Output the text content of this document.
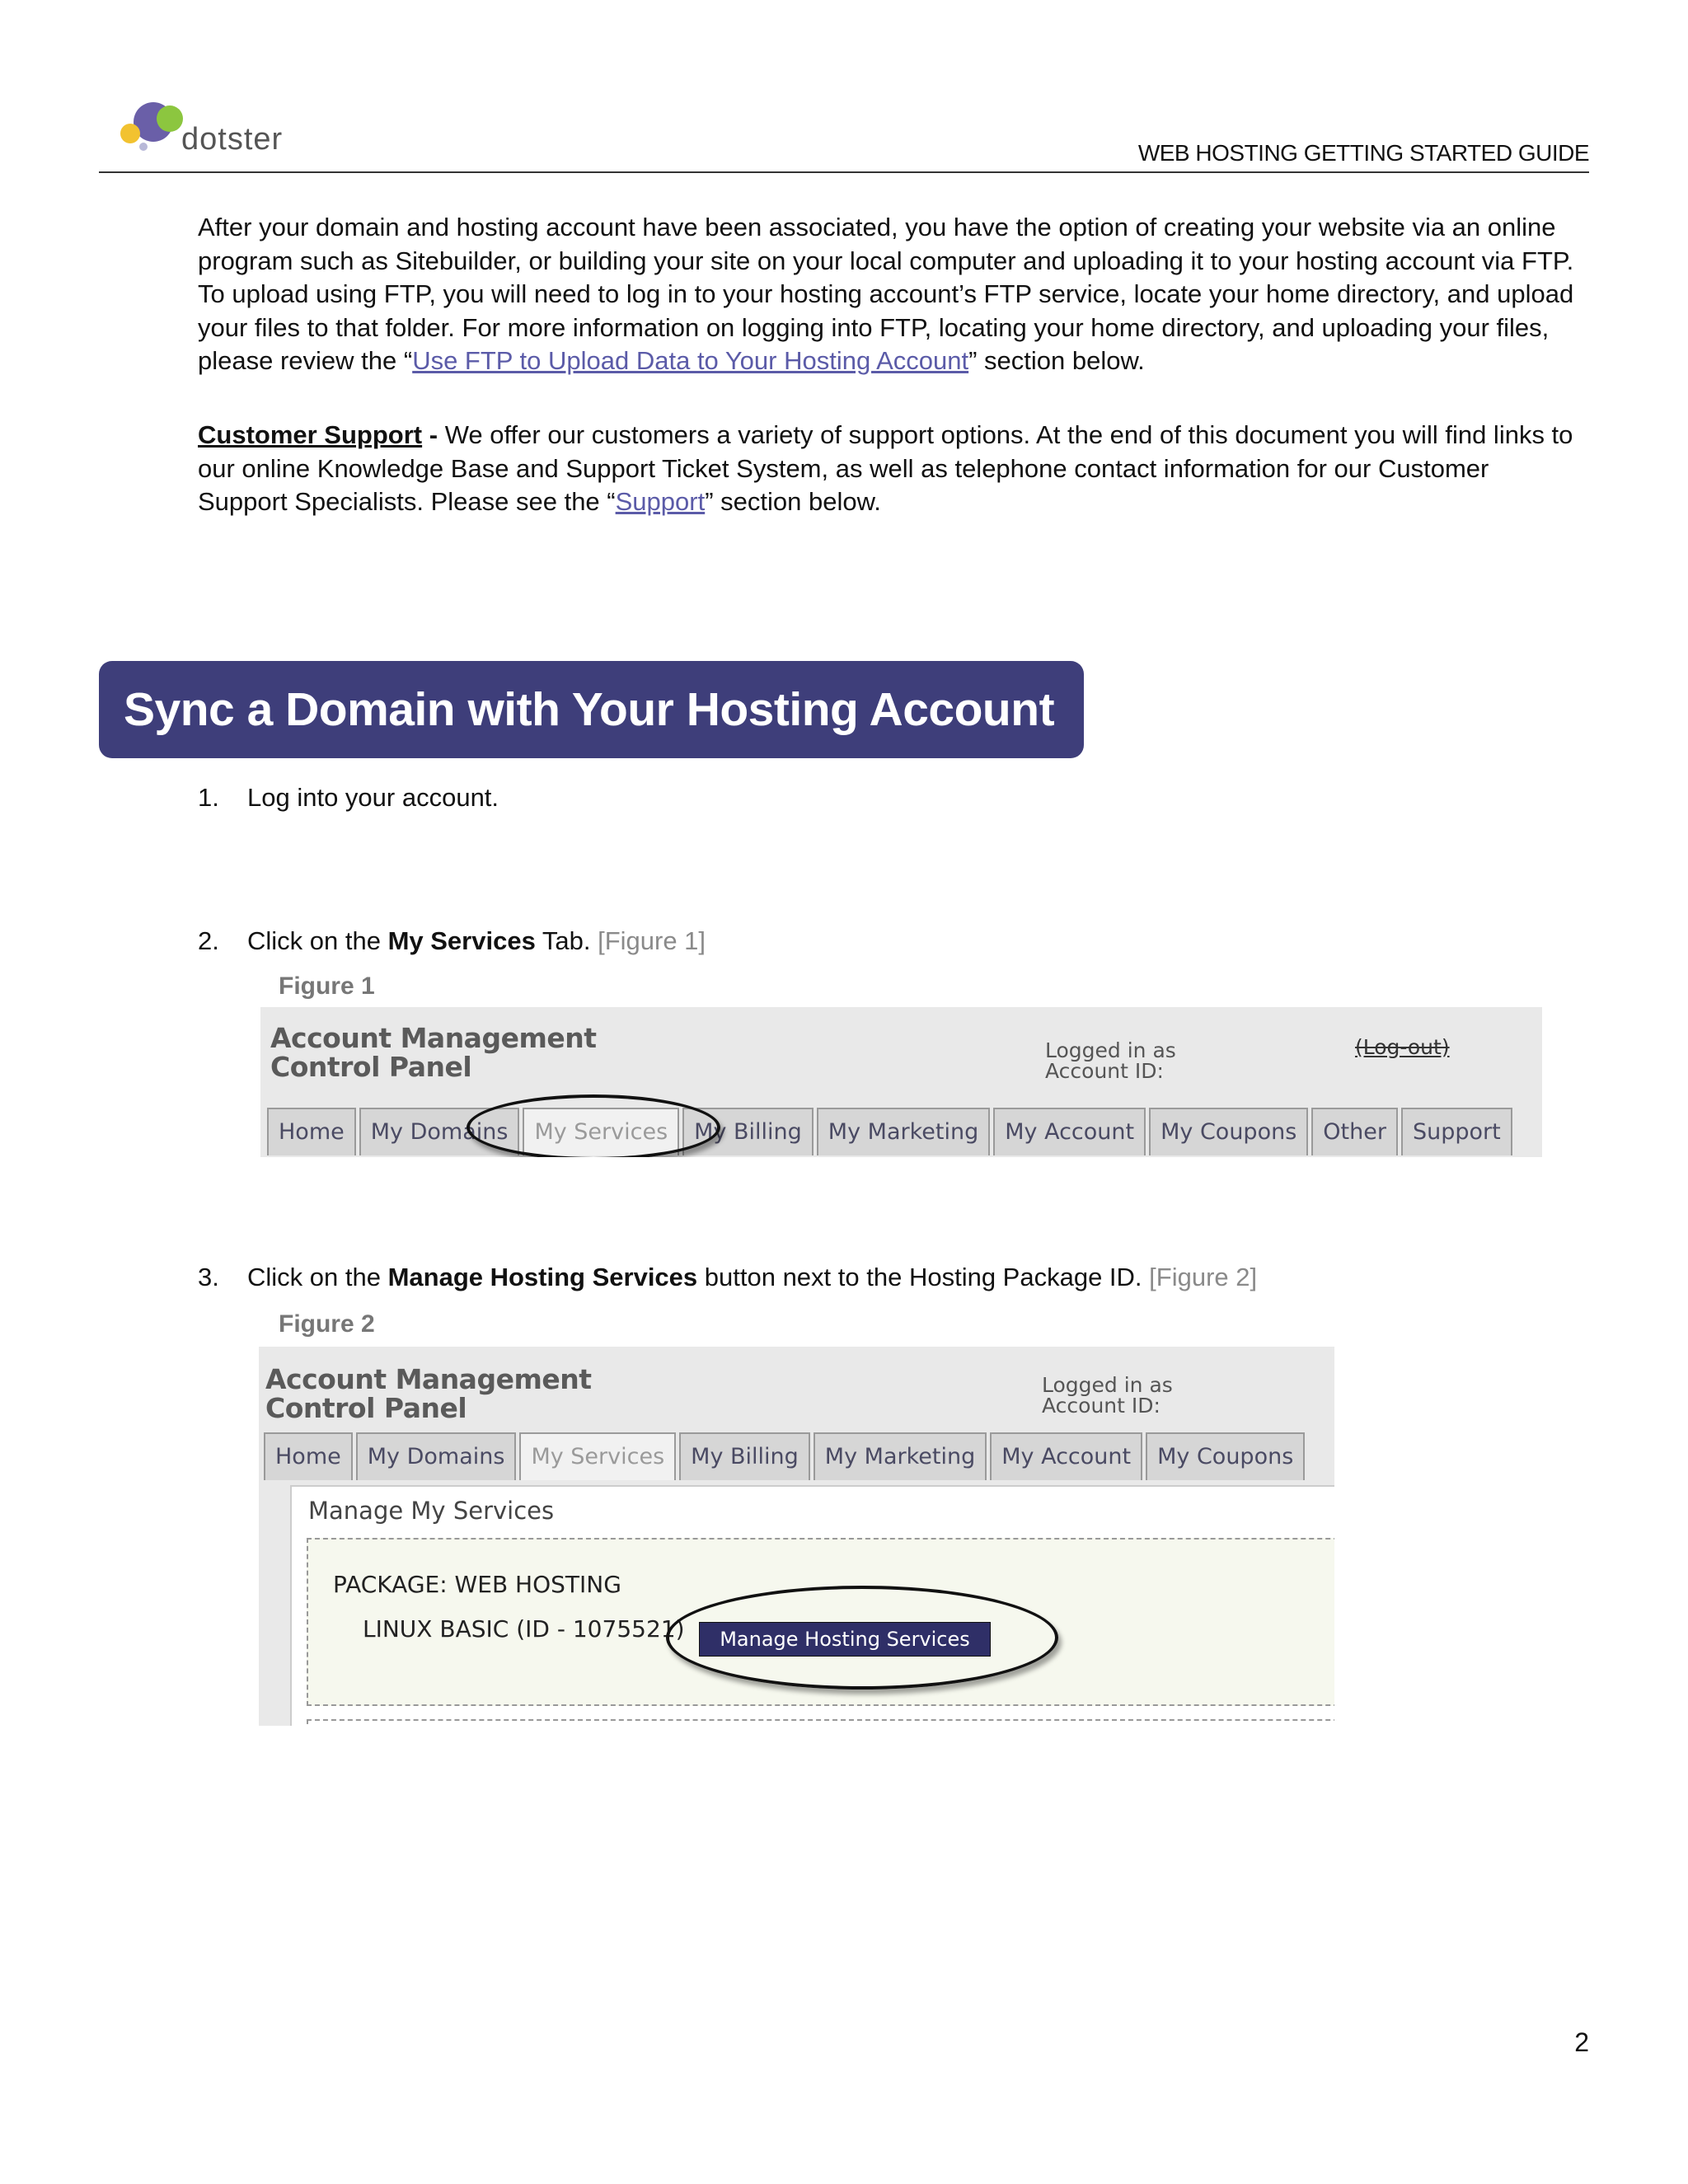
dotster	WEB HOSTING GETTING STARTED GUIDE

After your domain and hosting account have been associated, you have the option of creating your website via an online program such as Sitebuilder, or building your site on your local computer and uploading it to your hosting account via FTP. To upload using FTP, you will need to log in to your hosting account’s FTP service, locate your home directory, and upload your files to that folder. For more information on logging into FTP, locating your home directory, and uploading your files, please review the “Use FTP to Upload Data to Your Hosting Account” section below.

Customer Support - We offer our customers a variety of support options. At the end of this document you will find links to our online Knowledge Base and Support Ticket System, as well as telephone contact information for our Customer Support Specialists. Please see the “Support” section below.

Sync a Domain with Your Hosting Account
1. Log into your account.
2. Click on the My Services Tab. [Figure 1]
Figure 1
Account Management
Control Panel
Logged in as
Account ID:
(Log-out)
Home	My Domains	My Services	My Billing	My Marketing	My Account	My Coupons	Other	Support
3. Click on the Manage Hosting Services button next to the Hosting Package ID. [Figure 2]
Figure 2
Account Management
Control Panel
Logged in as
Account ID:
Home	My Domains	My Services	My Billing	My Marketing	My Account	My Coupons
Manage My Services
PACKAGE: WEB HOSTING
LINUX BASIC (ID - 1075521)	Manage Hosting Services
2
